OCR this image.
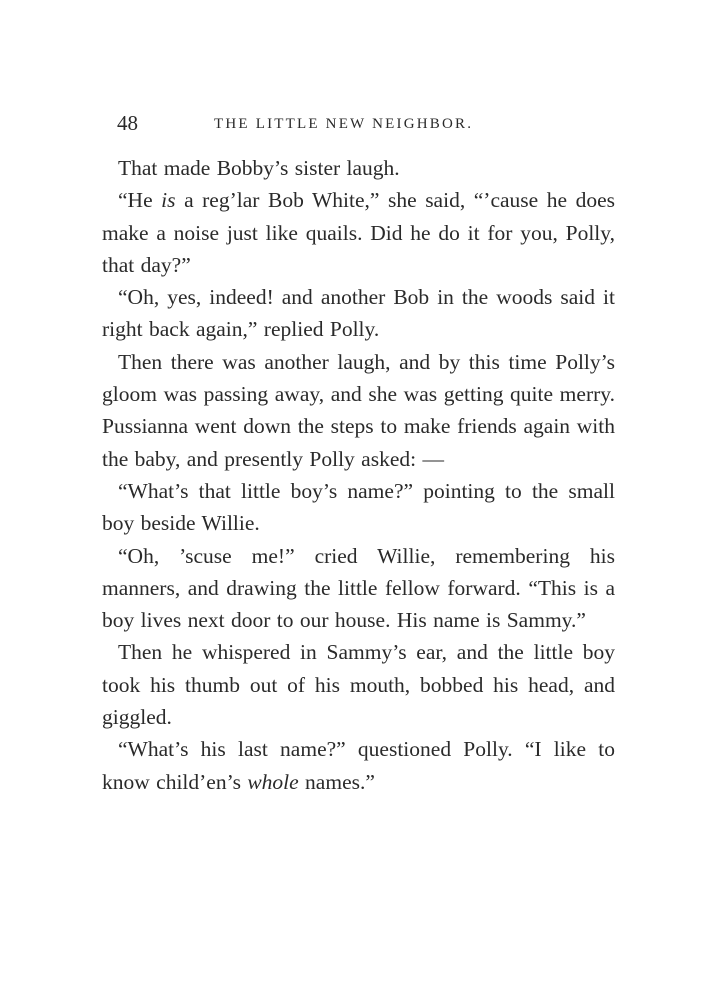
48	THE LITTLE NEW NEIGHBOR.

That made Bobby’s sister laugh.

“He is a reg’lar Bob White,” she said, “’cause he does make a noise just like quails. Did he do it for you, Polly, that day?”

“Oh, yes, indeed! and another Bob in the woods said it right back again,” replied Polly.

Then there was another laugh, and by this time Polly’s gloom was passing away, and she was getting quite merry. Pussianna went down the steps to make friends again with the baby, and presently Polly asked: —

“What’s that little boy’s name?” pointing to the small boy beside Willie.

“Oh, ’scuse me!” cried Willie, remembering his manners, and drawing the little fellow forward. “This is a boy lives next door to our house. His name is Sammy.”

Then he whispered in Sammy’s ear, and the little boy took his thumb out of his mouth, bobbed his head, and giggled.

“What’s his last name?” questioned Polly. “I like to know child’en’s whole names.”
